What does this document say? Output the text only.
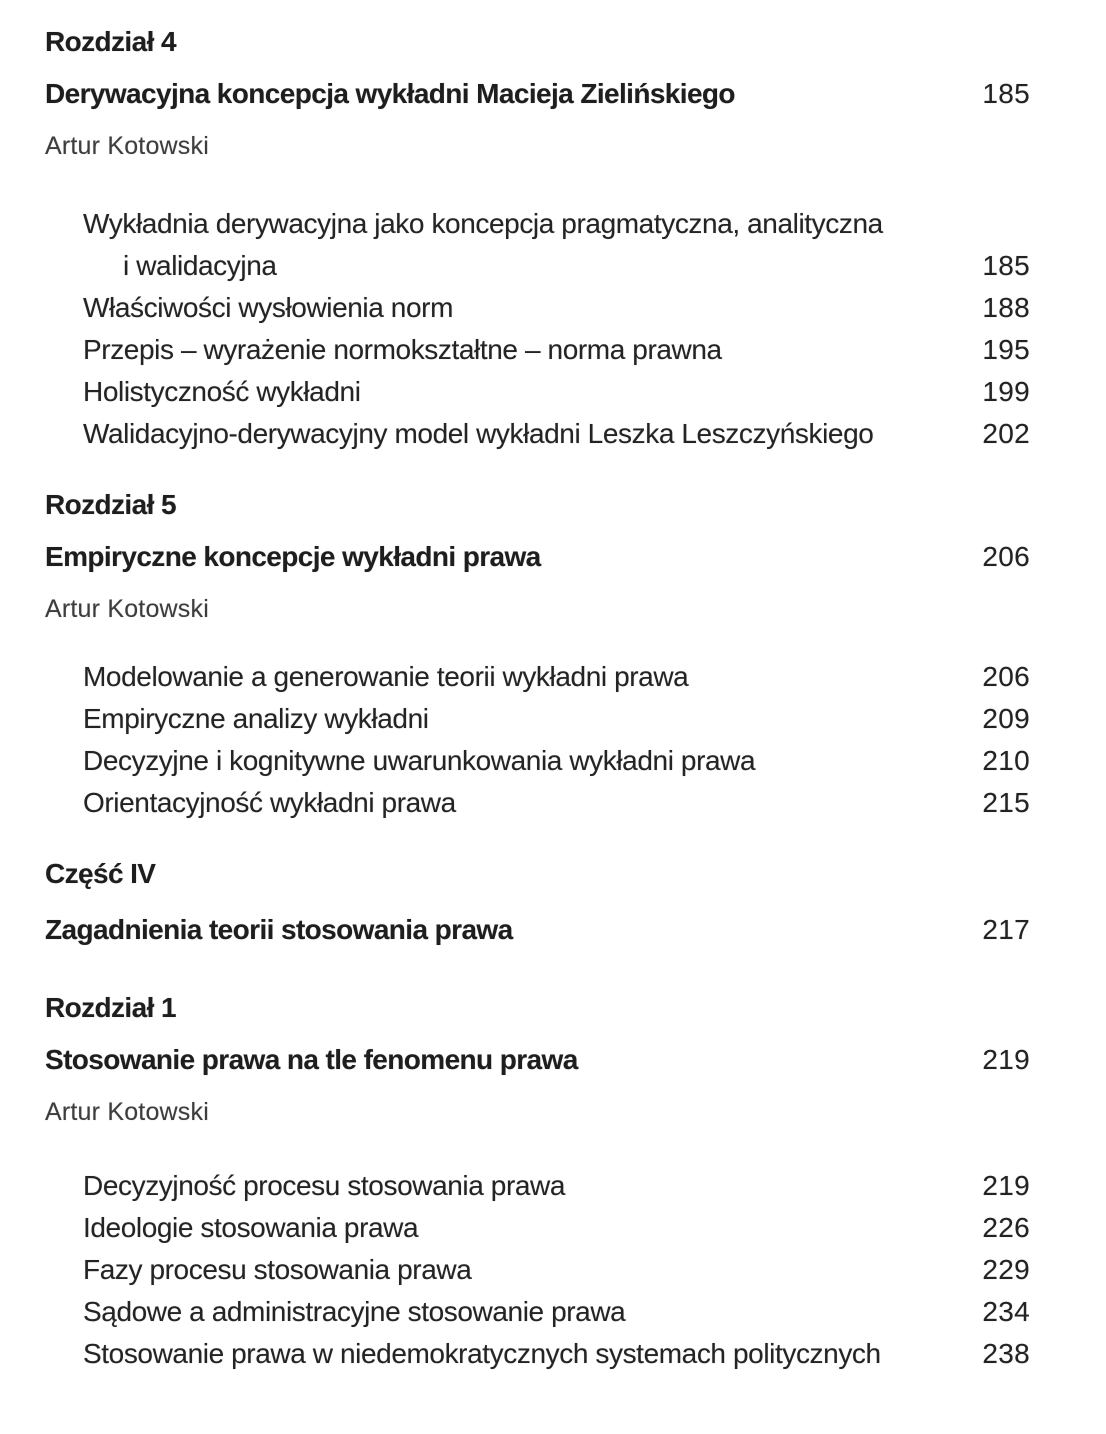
Rozdział 4
Derywacyjna koncepcja wykładni Macieja Zielińskiego	185
Artur Kotowski
Wykładnia derywacyjna jako koncepcja pragmatyczna, analityczna
i walidacyjna	185
Właściwości wysłowienia norm	188
Przepis – wyrażenie normokształtne – norma prawna	195
Holistyczność wykładni	199
Walidacyjno-derywacyjny model wykładni Leszka Leszczyńskiego	202
Rozdział 5
Empiryczne koncepcje wykładni prawa	206
Artur Kotowski
Modelowanie a generowanie teorii wykładni prawa	206
Empiryczne analizy wykładni	209
Decyzyjne i kognitywne uwarunkowania wykładni prawa	210
Orientacyjność wykładni prawa	215
Część IV
Zagadnienia teorii stosowania prawa	217
Rozdział 1
Stosowanie prawa na tle fenomenu prawa	219
Artur Kotowski
Decyzyjność procesu stosowania prawa	219
Ideologie stosowania prawa	226
Fazy procesu stosowania prawa	229
Sądowe a administracyjne stosowanie prawa	234
Stosowanie prawa w niedemokratycznych systemach politycznych	238
